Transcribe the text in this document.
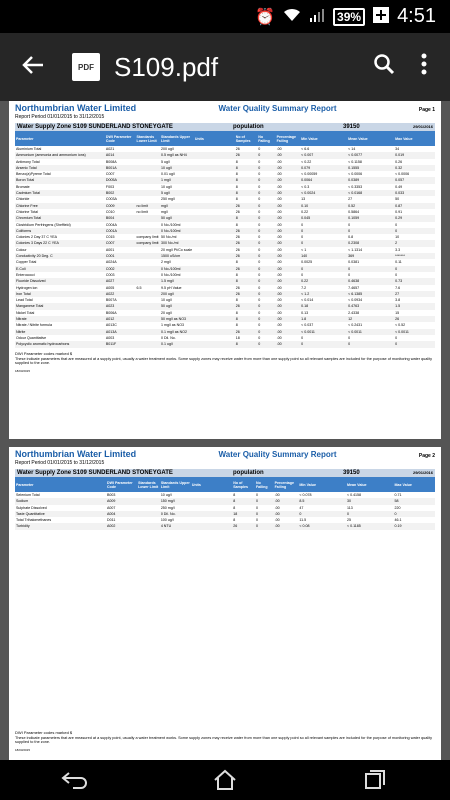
⏰	39% 4:51
PDF S109.pdf
Northumbrian Water Limited	Water Quality Summary Report	Page 1
Report Period 01/01/2015 to 31/12/2015
Water Supply Zone S109 SUNDERLAND STONEYGATE	population	39150	29/01/2016
Parameter	DWI Parameter Code	Standards Lower Limit	Standards Upper Limit	Units	No of Samples	No Failing	Percentage Failing	Min Value	Mean Value	Max Value
Aluminium Total	A021		200 ug/l		26	0	.00	< 6.6	< 14	34
Ammonium (ammonia and ammonium ions)	A014		0.5 mg/l as NH4		26	0	.00	< 0.007	< 0.0077	0.019
Antimony Total	B008A		5 ug/l		8	0	.00	< 0.22	< 0.1158	0.26
Arsenic Total	B001A		10 ug/l		8	0	.00	0.079	0.1555	0.32
Benzo(a)Pyrene Total	C007		0.01 ug/l		8	0	.00	< 0.00059	< 0.0006	< 0.0006
Boron Total	D005A		1 mg/l		8	0	.00	0.0064	0.0389	0.057
Bromate	F003		10 ug/l		8	0	.00	< 0.3	< 0.3353	0.49
Cadmium Total	B002		5 ug/l		8	0	.00	< 0.0024	< 0.0168	0.033
Chloride	C003A		250 mg/l		8	0	.00	13	27	50
Chlorine Free	C009	no limit	mg/l		26	0	.00	0.10	0.52	0.87
Chlorine Total	C010	no limit	mg/l		26	0	.00	0.22	0.5864	0.91
Chromium Total	B004		50 ug/l		8	0	.00	0.045	0.1059	0.29
Clostridium Perfringens (Sheffield)	C004A		0 No./100ml		8	0	.00	0	0	0
Coliforms	C001A		0 No./100ml		26	0	.00	0	0	0
Colonies 2 Day 37 C YEA	C015	company limit	50 No./ml		26	0	.00	0	0.8	10
Colonies 3 Days 22 C YEA	C007	company limit	300 No./ml		26	0	.00	0	0.2308	2
Colour	A001		20 mg/l Pt/Co scale		26	0	.00	< 1	< 1.1314	3.3
Conductivity 20 Deg. C	C001		1500 uS/cm		26	0	.00	140	369	*******
Copper Total	A024A		2 mg/l		8	0	.00	0.0025	0.0381	0.11
E.Coli	C002		0 No./100ml		26	0	.00	0	0	0
Enterococci	C003		0 No./100ml		8	0	.00	0	0	0
Fluoride Dissolved	A027		1.5 mg/l		8	0	.00	0.22	0.4638	0.73
Hydrogen ion	A005	6.5	9.5 pH Value		26	0	.00	7.2	7.4657	7.6
Iron Total	A022		200 ug/l		26	0	.00	< 1.2	< 6.1385	27
Lead Total	B007A		10 ug/l		8	0	.00	< 0.014	< 0.0934	3.8
Manganese Total	A023		50 ug/l		26	0	.00	0.18	0.4763	1.5
Nickel Total	B006A		20 ug/l		8	0	.00	0.13	2.4338	15
Nitrate	A012		50 mg/l as NO3		8	0	.00	1.8	12	26
Nitrate / Nitrite formula	A013C		1 mg/l as NO3		8	0	.00	< 0.037	< 0.2431	< 0.52
Nitrite	A013A		0.1 mg/l as NO2		26	0	.00	< 0.0011	< 0.0011	< 0.0011
Odour Quantitative	A003		0 Dil. No.		18	0	.00	0	0	0
Polycyclic aromatic hydrocarbons	B011F		0.1 ug/l		8	0	.00	0	0	0
DWI Parameter codes marked $
These indicate parameters that are measured at a supply point, usually a water treatment works. Some supply zones may receive water from more than one supply point so all relevant samples are included for the purpose of monitoring water quality supplied to the zone.
18/03/2015
Northumbrian Water Limited	Water Quality Summary Report	Page 2
Report Period 01/01/2015 to 31/12/2015
Water Supply Zone S109 SUNDERLAND STONEYGATE	population	39150	29/01/2016
Parameter	DWI Parameter Code	Standards Lower Limit	Standards Upper Limit	Units	No of Samples	No Failing	Percentage Failing	Min Value	Mean Value	Max Value
Selenium Total	B003		10 ug/l		8	0	.00	< 0.078	< 0.4158	0.71
Sodium	A009		150 mg/l		8	0	.00	8.5	30	58
Sulphate Dissolved	A007		250 mg/l		8	0	.00	47	113	220
Taste Quantitative	A004		0 Dil. No.		18	0	.00	0	0	0
Total Trihalomethanes	D011		100 ug/l		8	0	.00	11.5	25	46.1
Turbidity	A002		4 NTU		26	0	.00	< 0.08	< 0.1185	0.19
DWI Parameter codes marked $
These indicate parameters that are measured at a supply point, usually a water treatment works. Some supply zones may receive water from more than one supply point so all relevant samples are included for the purpose of monitoring water quality supplied to the zone.
18/03/2015
